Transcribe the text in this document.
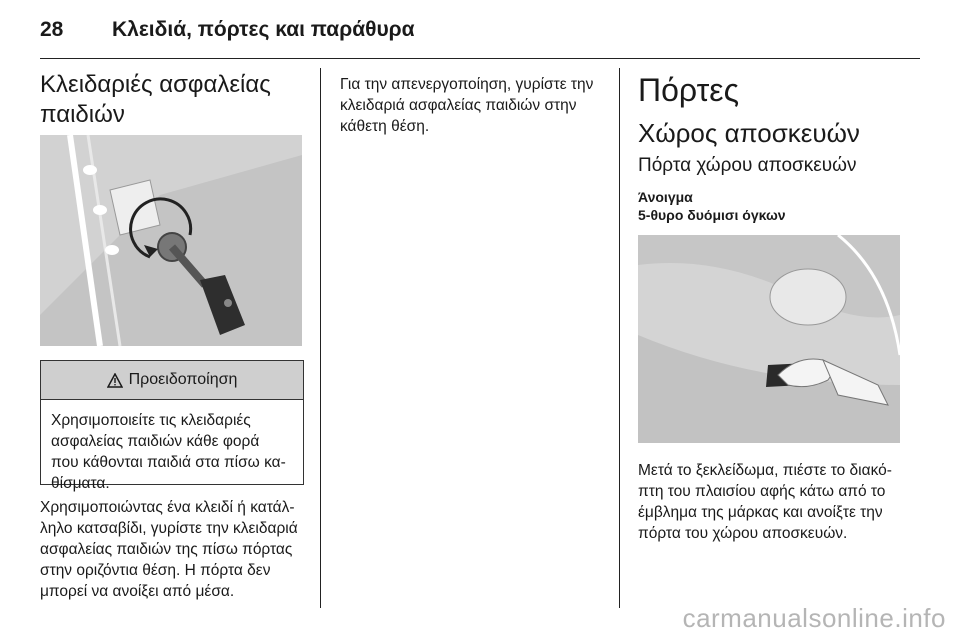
28 Κλειδιά, πόρτες και παράθυρα
Κλειδαριές ασφαλείας
παιδιών
Προειδοποίηση
Χρησιμοποιείτε τις κλειδαριές
ασφαλείας παιδιών κάθε φορά
που κάθονται παιδιά στα πίσω κα-
θίσματα.
Χρησιμοποιώντας ένα κλειδί ή κατάλ-
ληλο κατσαβίδι, γυρίστε την κλειδαριά
ασφαλείας παιδιών της πίσω πόρτας
στην οριζόντια θέση. Η πόρτα δεν
μπορεί να ανοίξει από μέσα.
Για την απενεργοποίηση, γυρίστε την
κλειδαριά ασφαλείας παιδιών στην
κάθετη θέση.
Πόρτες
Χώρος αποσκευών
Πόρτα χώρου αποσκευών
Άνοιγμα
5-θυρο δυόμισι όγκων
Μετά το ξεκλείδωμα, πιέστε το διακό-
πτη του πλαισίου αφής κάτω από το
έμβλημα της μάρκας και ανοίξτε την
πόρτα του χώρου αποσκευών.
carmanualsonline.info
